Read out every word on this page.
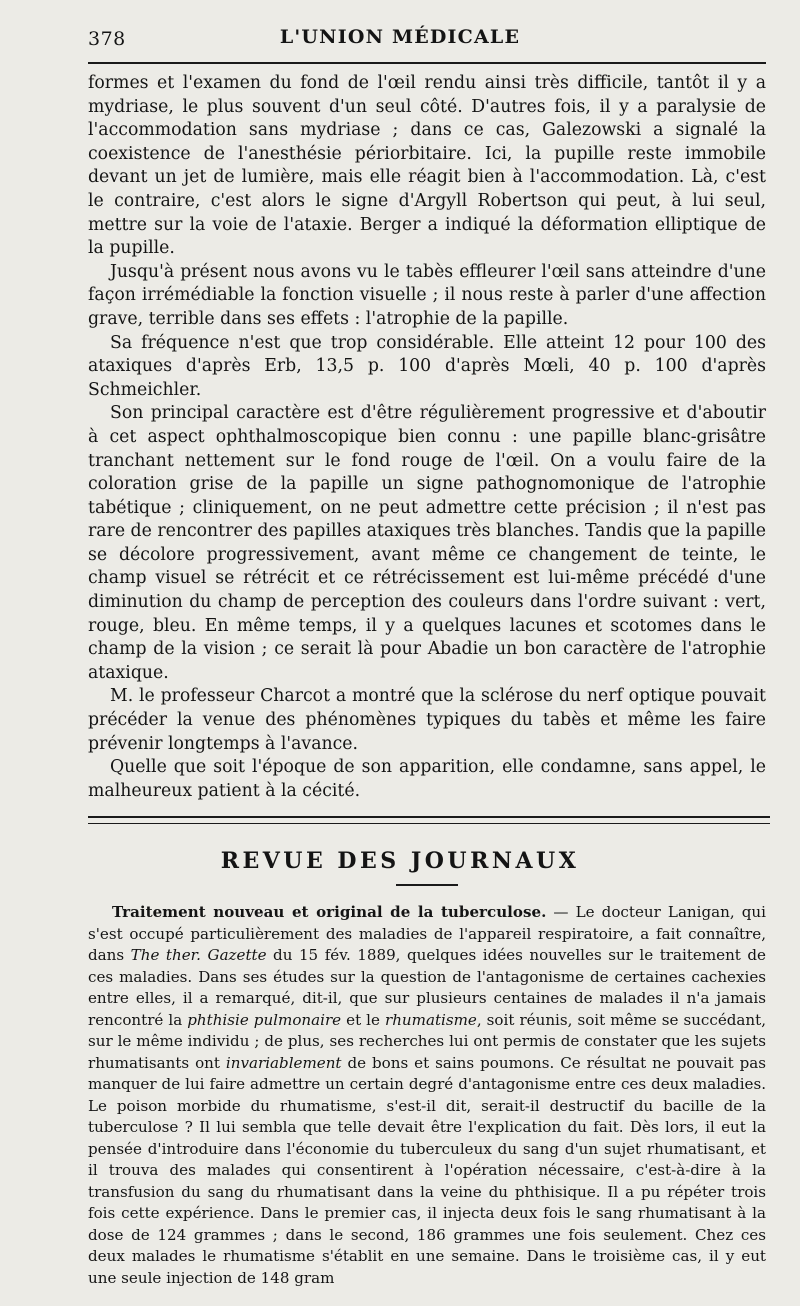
378	L'UNION MÉDICALE

formes et l'examen du fond de l'œil rendu ainsi très difficile, tantôt il y a mydriase, le plus souvent d'un seul côté. D'autres fois, il y a paralysie de l'accommodation sans mydriase ; dans ce cas, Galezowski a signalé la coexistence de l'anesthésie périorbitaire. Ici, la pupille reste immobile devant un jet de lumière, mais elle réagit bien à l'accommodation. Là, c'est le contraire, c'est alors le signe d'Argyll Robertson qui peut, à lui seul, mettre sur la voie de l'ataxie. Berger a indiqué la déformation elliptique de la pupille.

Jusqu'à présent nous avons vu le tabès effleurer l'œil sans atteindre d'une façon irrémédiable la fonction visuelle ; il nous reste à parler d'une affection grave, terrible dans ses effets : l'atrophie de la papille.

Sa fréquence n'est que trop considérable. Elle atteint 12 pour 100 des ataxiques d'après Erb, 13,5 p. 100 d'après Mœli, 40 p. 100 d'après Schmeichler.

Son principal caractère est d'être régulièrement progressive et d'aboutir à cet aspect ophthalmoscopique bien connu : une papille blanc-grisâtre tranchant nettement sur le fond rouge de l'œil. On a voulu faire de la coloration grise de la papille un signe pathognomonique de l'atrophie tabétique ; cliniquement, on ne peut admettre cette précision ; il n'est pas rare de rencontrer des papilles ataxiques très blanches. Tandis que la papille se décolore progressivement, avant même ce changement de teinte, le champ visuel se rétrécit et ce rétrécissement est lui-même précédé d'une diminution du champ de perception des couleurs dans l'ordre suivant : vert, rouge, bleu. En même temps, il y a quelques lacunes et scotomes dans le champ de la vision ; ce serait là pour Abadie un bon caractère de l'atrophie ataxique.

M. le professeur Charcot a montré que la sclérose du nerf optique pouvait précéder la venue des phénomènes typiques du tabès et même les faire prévenir longtemps à l'avance.

Quelle que soit l'époque de son apparition, elle condamne, sans appel, le malheureux patient à la cécité.

REVUE DES JOURNAUX

Traitement nouveau et original de la tuberculose. — Le docteur Lanigan, qui s'est occupé particulièrement des maladies de l'appareil respiratoire, a fait connaître, dans The ther. Gazette du 15 fév. 1889, quelques idées nouvelles sur le traitement de ces maladies. Dans ses études sur la question de l'antagonisme de certaines cachexies entre elles, il a remarqué, dit-il, que sur plusieurs centaines de malades il n'a jamais rencontré la phthisie pulmonaire et le rhumatisme, soit réunis, soit même se succédant, sur le même individu ; de plus, ses recherches lui ont permis de constater que les sujets rhumatisants ont invariablement de bons et sains poumons. Ce résultat ne pouvait pas manquer de lui faire admettre un certain degré d'antagonisme entre ces deux maladies. Le poison morbide du rhumatisme, s'est-il dit, serait-il destructif du bacille de la tuberculose ? Il lui sembla que telle devait être l'explication du fait. Dès lors, il eut la pensée d'introduire dans l'économie du tuberculeux du sang d'un sujet rhumatisant, et il trouva des malades qui consentirent à l'opération nécessaire, c'est-à-dire à la transfusion du sang du rhumatisant dans la veine du phthisique. Il a pu répéter trois fois cette expérience. Dans le premier cas, il injecta deux fois le sang rhumatisant à la dose de 124 grammes ; dans le second, 186 grammes une fois seulement. Chez ces deux malades le rhumatisme s'établit en une semaine. Dans le troisième cas, il y eut une seule injection de 148 gram
